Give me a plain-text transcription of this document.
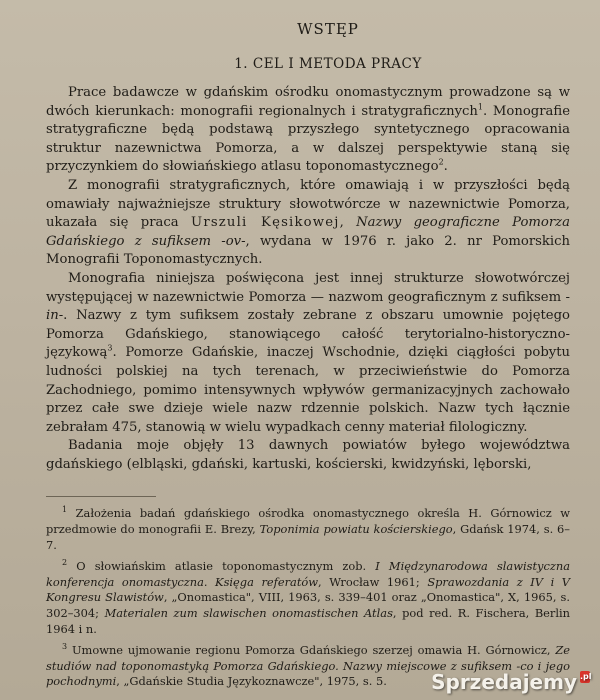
WSTĘP
1. CEL I METODA PRACY

Prace badawcze w gdańskim ośrodku onomastycznym prowadzone są w dwóch kierunkach: monografii regionalnych i stratygraficznych$^1$. Monografie stratygraficzne będą podstawą przyszłego syntetycznego opracowania struktur nazewnictwa Pomorza, a w dalszej perspektywie staną się przyczynkiem do słowiańskiego atlasu toponomastycznego$^2$.

Z monografii stratygraficznych, które omawiają i w przyszłości będą omawiały najważniejsze struktury słowotwórcze w nazewnictwie Pomorza, ukazała się praca Urszuli Kęsikowej, Nazwy geograficzne Pomorza Gdańskiego z sufiksem -ov-, wydana w 1976 r. jako 2. nr Pomorskich Monografii Toponomastycznych.

Monografia niniejsza poświęcona jest innej strukturze słowotwórczej występującej w nazewnictwie Pomorza — nazwom geograficznym z sufiksem -in-. Nazwy z tym sufiksem zostały zebrane z obszaru umownie pojętego Pomorza Gdańskiego, stanowiącego całość terytorialno-historyczno-językową$^3$. Pomorze Gdańskie, inaczej Wschodnie, dzięki ciągłości pobytu ludności polskiej na tych terenach, w przeciwieństwie do Pomorza Zachodniego, pomimo intensywnych wpływów germanizacyjnych zachowało przez całe swe dzieje wiele nazw rdzennie polskich. Nazw tych łącznie zebrałam 475, stanowią w wielu wypadkach cenny materiał filologiczny.

Badania moje objęły 13 dawnych powiatów byłego województwa gdańskiego (elbląski, gdański, kartuski, kościerski, kwidzyński, lęborski,

$^1$ Założenia badań gdańskiego ośrodka onomastycznego określa H. Górnowicz w przedmowie do monografii E. Brezy, Toponimia powiatu kościerskiego, Gdańsk 1974, s. 6–7.

$^2$ O słowiańskim atlasie toponomastycznym zob. I Międzynarodowa slawistyczna konferencja onomastyczna. Księga referatów, Wrocław 1961; Sprawozdania z IV i V Kongresu Slawistów, „Onomastica", VIII, 1963, s. 339–401 oraz „Onomastica", X, 1965, s. 302–304; Materialen zum slawischen onomastischen Atlas, pod red. R. Fischera, Berlin 1964 i n.

$^3$ Umowne ujmowanie regionu Pomorza Gdańskiego szerzej omawia H. Górnowicz, Ze studiów nad toponomastyką Pomorza Gdańskiego. Nazwy miejscowe z sufiksem -co i jego pochodnymi, „Gdańskie Studia Językoznawcze", 1975, s. 5.	Sprzedajemy .pl
